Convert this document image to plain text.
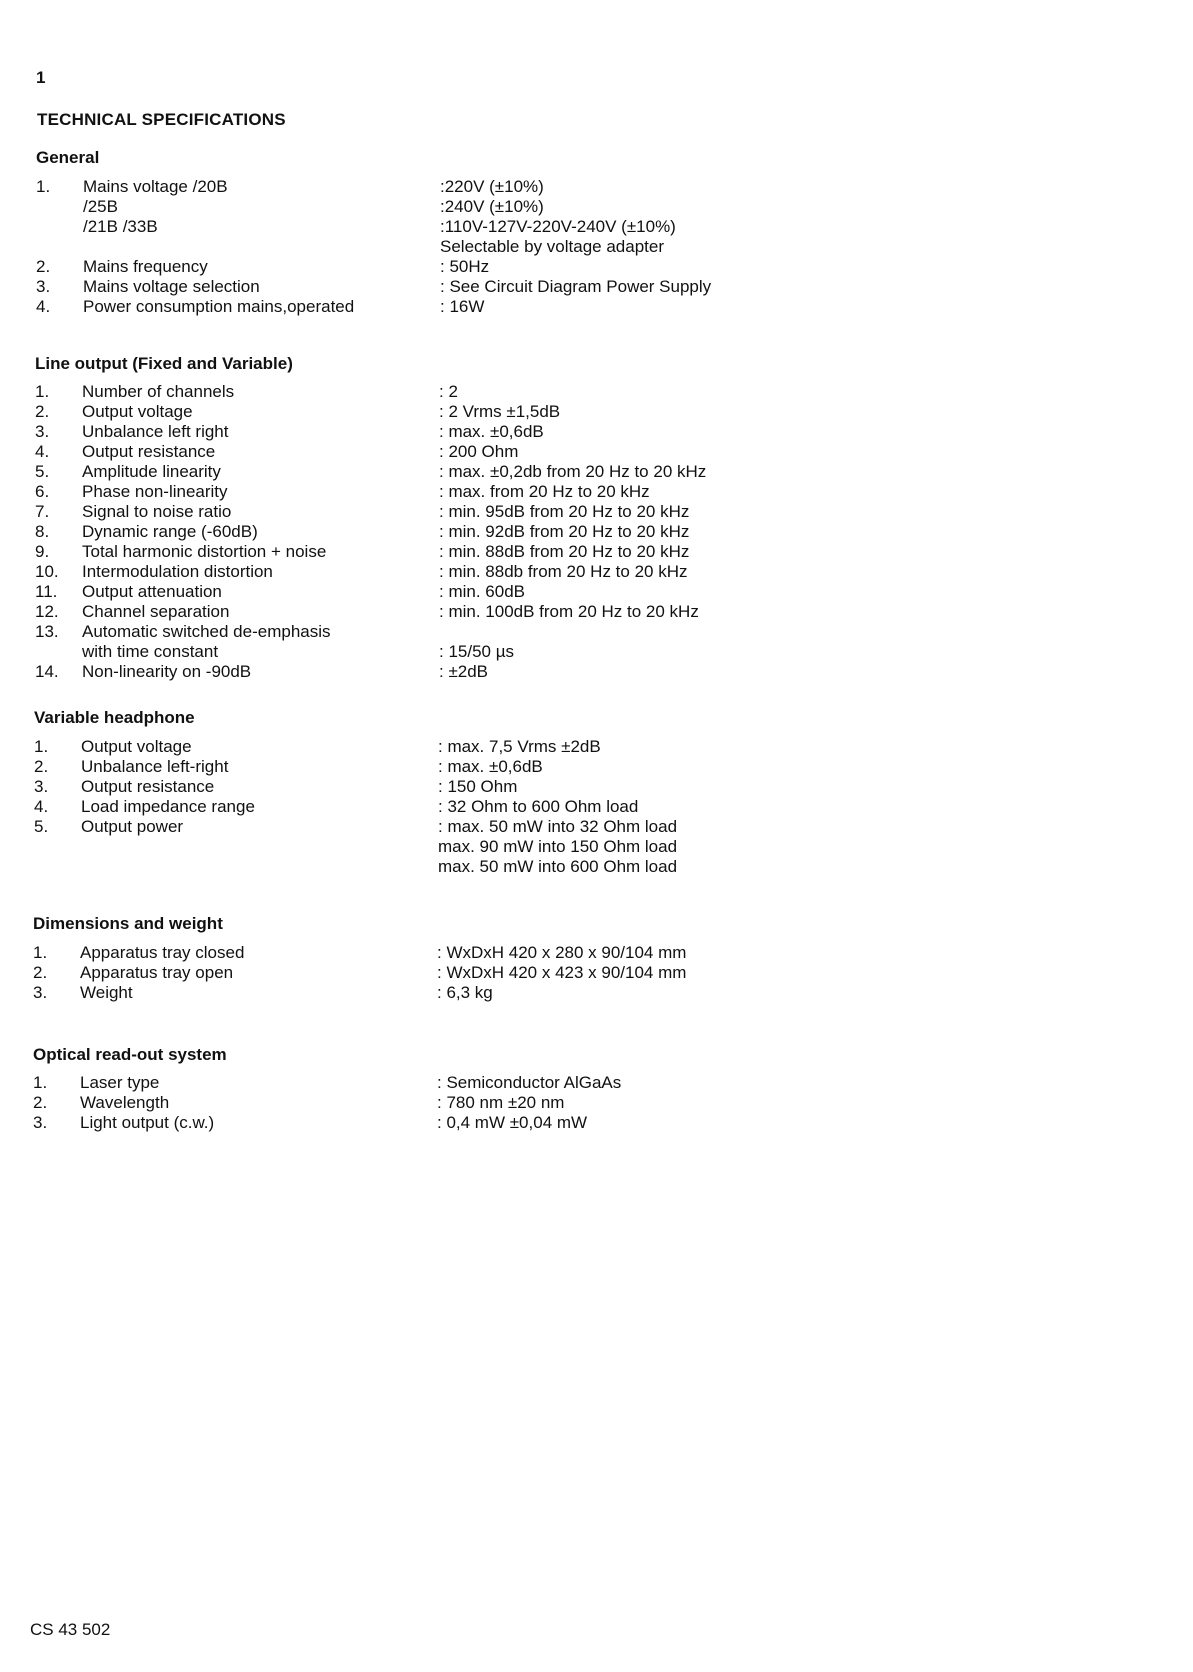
1
TECHNICAL SPECIFICATIONS
General
1. Mains voltage /20B	:220V (±10%)
/25B	:240V (±10%)
/21B /33B	:110V-127V-220V-240V (±10%)
Selectable by voltage adapter
2. Mains frequency	: 50Hz
3. Mains voltage selection	: See Circuit Diagram Power Supply
4. Power consumption mains,operated	: 16W
Line output (Fixed and Variable)
1. Number of channels	: 2
2. Output voltage	: 2 Vrms ±1,5dB
3. Unbalance left right	: max. ±0,6dB
4. Output resistance	: 200 Ohm
5. Amplitude linearity	: max. ±0,2db from 20 Hz to 20 kHz
6. Phase non-linearity	: max. from 20 Hz to 20 kHz
7. Signal to noise ratio	: min. 95dB from 20 Hz to 20 kHz
8. Dynamic range (-60dB)	: min. 92dB from 20 Hz to 20 kHz
9. Total harmonic distortion + noise	: min. 88dB from 20 Hz to 20 kHz
10. Intermodulation distortion	: min. 88db from 20 Hz to 20 kHz
11. Output attenuation	: min. 60dB
12. Channel separation	: min. 100dB from 20 Hz to 20 kHz
13. Automatic switched de-emphasis
with time constant	: 15/50 µs
14. Non-linearity on -90dB	: ±2dB
Variable headphone
1. Output voltage	: max. 7,5 Vrms ±2dB
2. Unbalance left-right	: max. ±0,6dB
3. Output resistance	: 150 Ohm
4. Load impedance range	: 32 Ohm to 600 Ohm load
5. Output power	: max. 50 mW into 32 Ohm load
max. 90 mW into 150 Ohm load
max. 50 mW into 600 Ohm load
Dimensions and weight
1. Apparatus tray closed	: WxDxH 420 x 280 x 90/104 mm
2. Apparatus tray open	: WxDxH 420 x 423 x 90/104 mm
3. Weight	: 6,3 kg
Optical read-out system
1. Laser type	: Semiconductor AlGaAs
2. Wavelength	: 780 nm ±20 nm
3. Light output (c.w.)	: 0,4 mW ±0,04 mW
CS 43 502
